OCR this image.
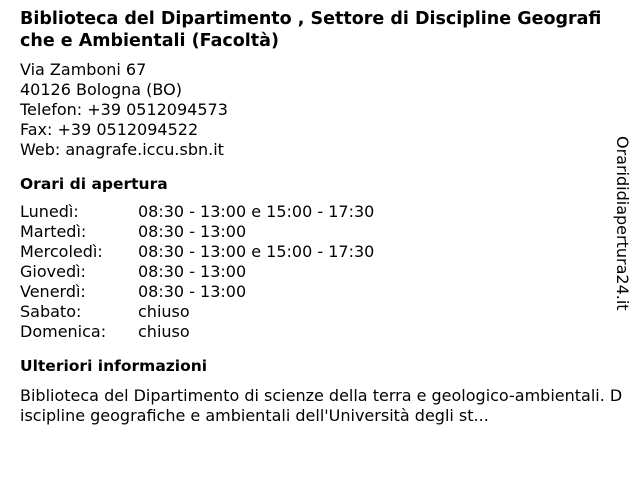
Biblioteca del Dipartimento , Settore di Discipline Geografiche e Ambientali (Facoltà)
Via Zamboni 67
40126 Bologna (BO)
Telefon: +39 0512094573
Fax: +39 0512094522
Web: anagrafe.iccu.sbn.it
Orari di apertura
Lunedì:	08:30 - 13:00 e 15:00 - 17:30
Martedì:	08:30 - 13:00
Mercoledì:	08:30 - 13:00 e 15:00 - 17:30
Giovedì:	08:30 - 13:00
Venerdì:	08:30 - 13:00
Sabato:	chiuso
Domenica:	chiuso
Ulteriori informazioni
Biblioteca del Dipartimento di scienze della terra e geologico-ambientali. Discipline geografiche e ambientali dell'Università degli st...
Orarididiapertura24.it
